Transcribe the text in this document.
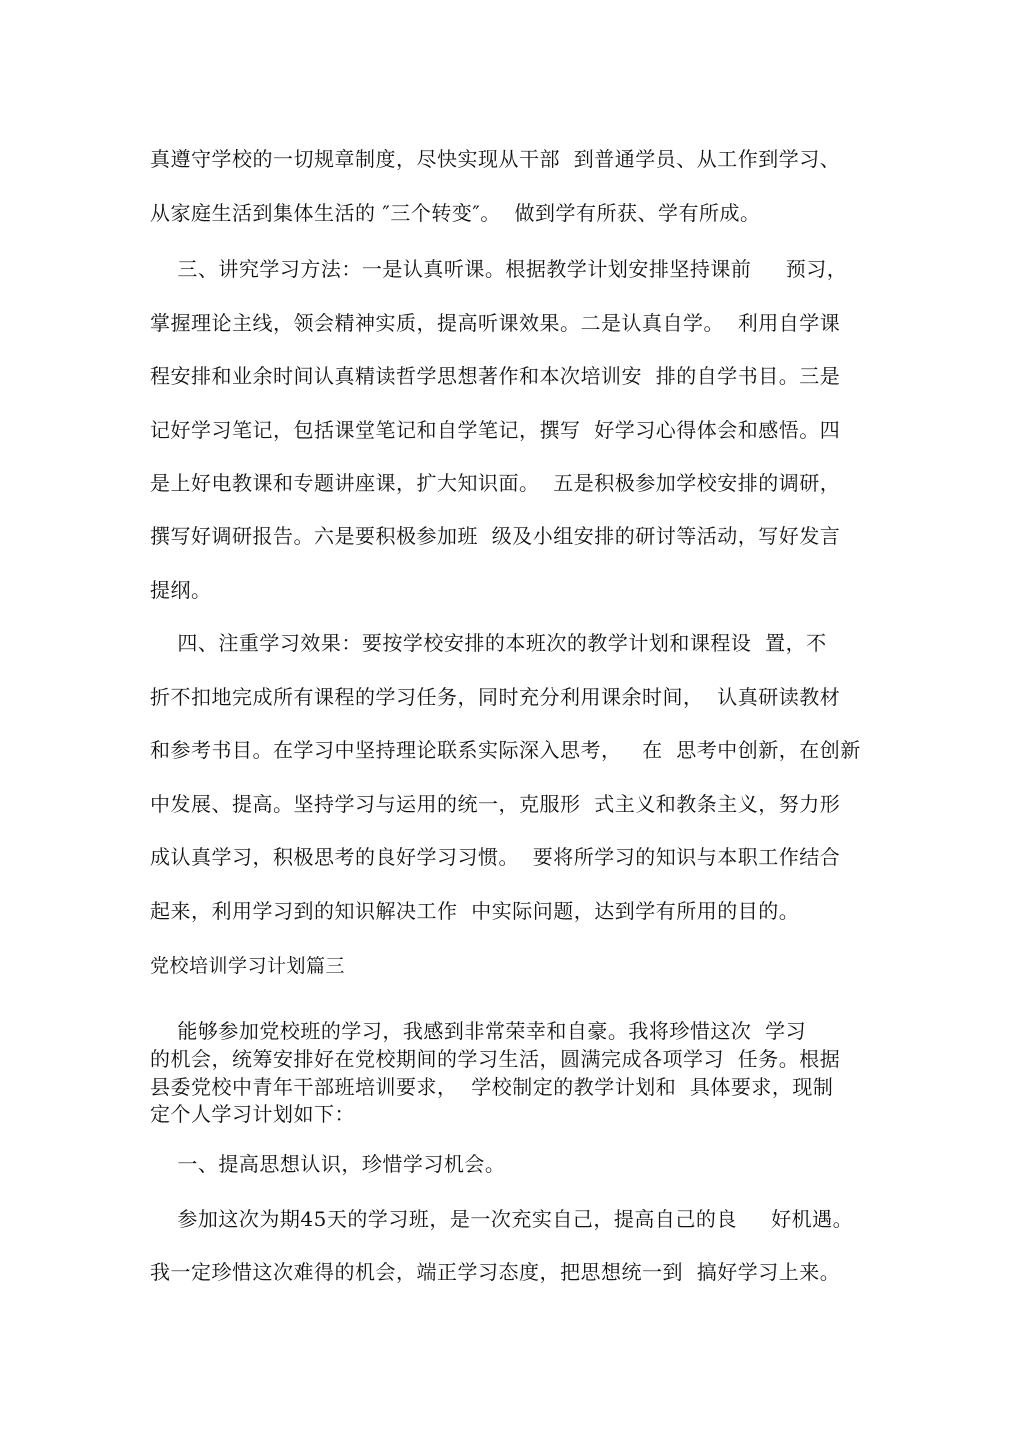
真遵守学校的一切规章制度，尽快实现从干部  到普通学员、从工作到学习、
从家庭生活到集体生活的 ″三个转变″。  做到学有所获、学有所成。
三、讲究学习方法：一是认真听课。根据教学计划安排坚持课前     预习，
掌握理论主线，领会精神实质，提高听课效果。二是认真自学。  利用自学课
程安排和业余时间认真精读哲学思想著作和本次培训安  排的自学书目。三是
记好学习笔记，包括课堂笔记和自学笔记，撰写  好学习心得体会和感悟。四
是上好电教课和专题讲座课，扩大知识面。  五是积极参加学校安排的调研，
撰写好调研报告。六是要积极参加班  级及小组安排的研讨等活动，写好发言
提纲。
四、注重学习效果：要按学校安排的本班次的教学计划和课程设  置，不
折不扣地完成所有课程的学习任务，同时充分利用课余时间，  认真研读教材
和参考书目。在学习中坚持理论联系实际深入思考，   在  思考中创新，在创新
中发展、提高。坚持学习与运用的统一，克服形  式主义和教条主义，努力形
成认真学习，积极思考的良好学习习惯。  要将所学习的知识与本职工作结合
起来，利用学习到的知识解决工作  中实际问题，达到学有所用的目的。
党校培训学习计划篇三
能够参加党校班的学习，我感到非常荣幸和自豪。我将珍惜这次  学习
的机会，统筹安排好在党校期间的学习生活，圆满完成各项学习  任务。根据
县委党校中青年干部班培训要求，  学校制定的教学计划和  具体要求，现制
定个人学习计划如下：
一、提高思想认识，珍惜学习机会。
参加这次为期45天的学习班，是一次充实自己，提高自己的良     好机遇。
我一定珍惜这次难得的机会，端正学习态度，把思想统一到  搞好学习上来。
